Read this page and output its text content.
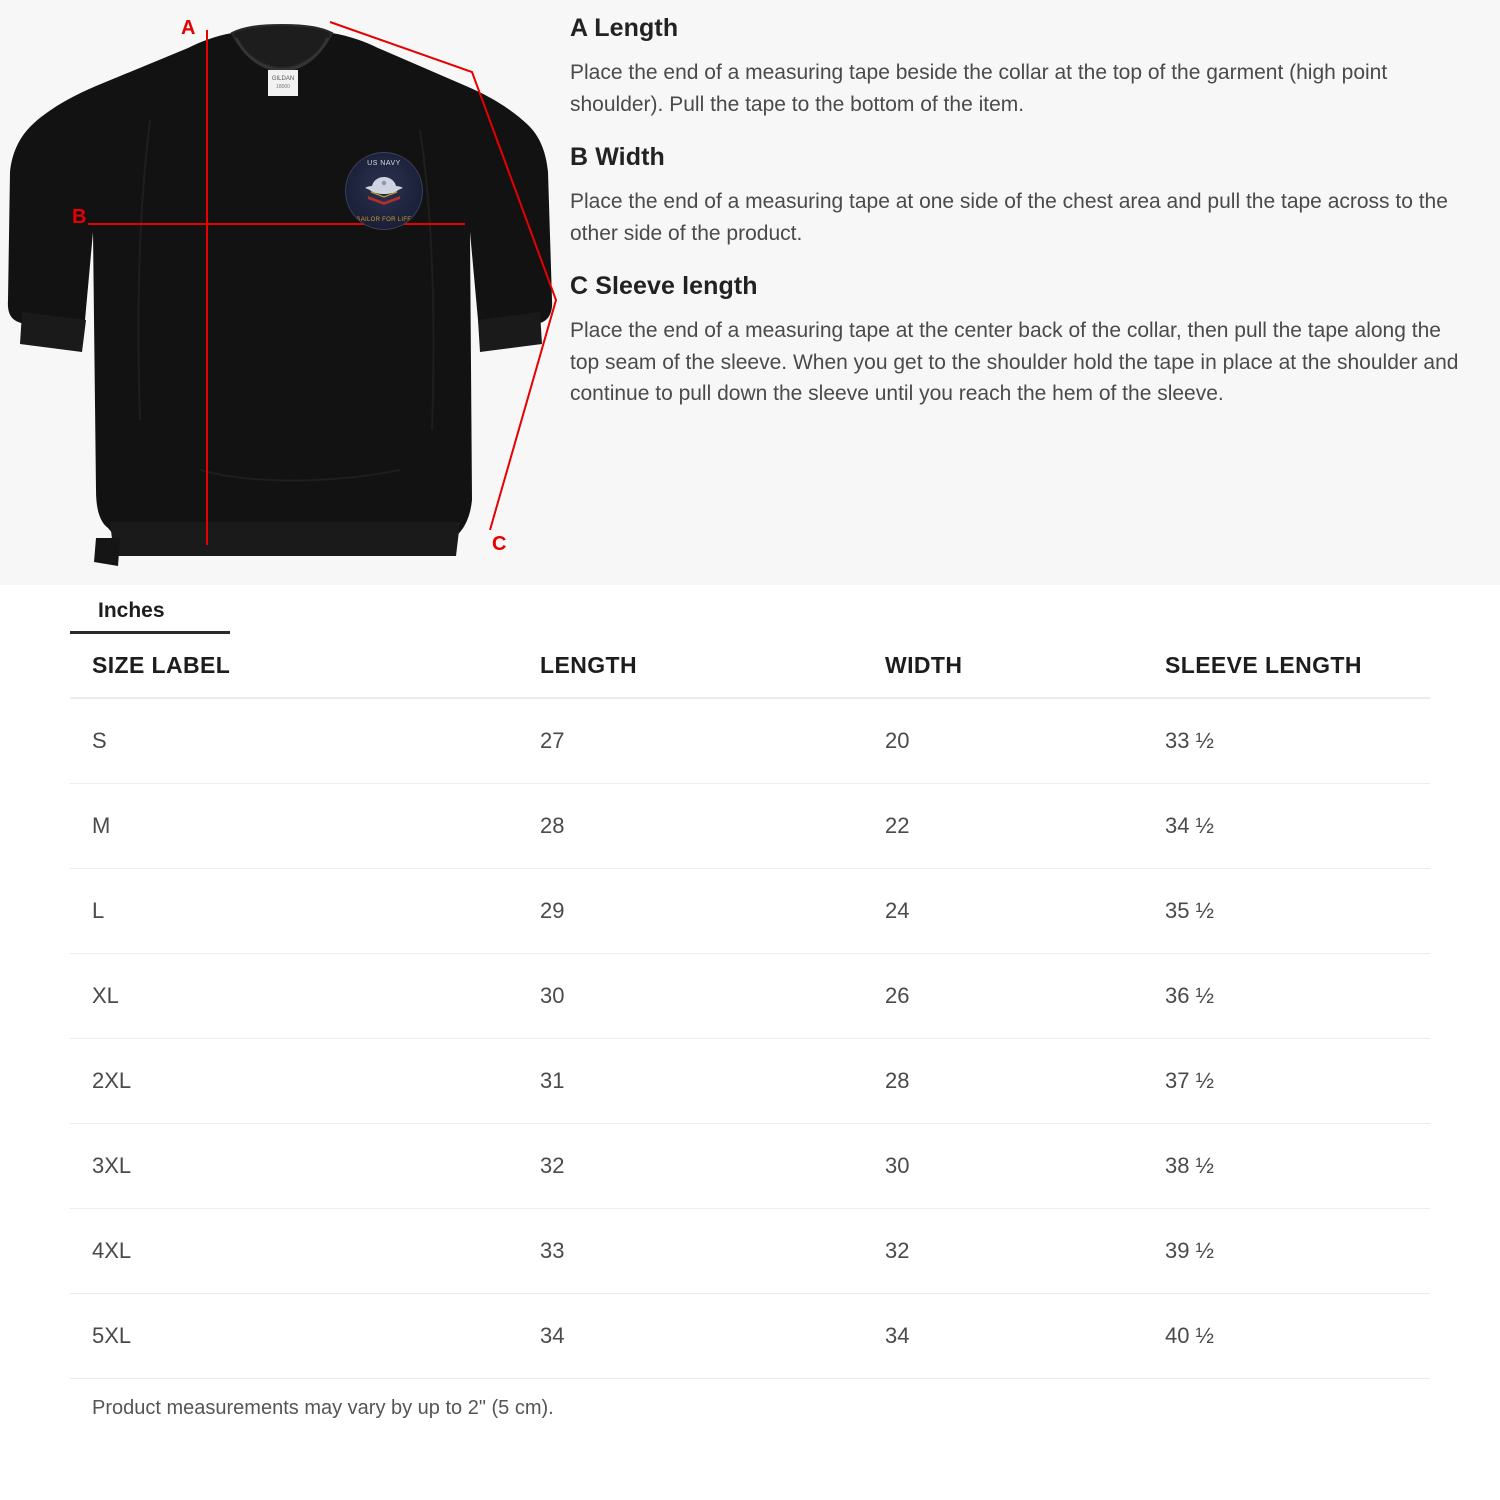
GILDAN
18000
A
B
C
US NAVY
SAILOR FOR LIFE
A Length

Place the end of a measuring tape beside the collar at the top of the garment (high point shoulder). Pull the tape to the bottom of the item.

B Width

Place the end of a measuring tape at one side of the chest area and pull the tape across to the other side of the product.

C Sleeve length

Place the end of a measuring tape at the center back of the collar, then pull the tape along the top seam of the sleeve. When you get to the shoulder hold the tape in place at the shoulder and continue to pull down the sleeve until you reach the hem of the sleeve.

Inches
SIZE LABEL	LENGTH	WIDTH	SLEEVE LENGTH
S	27	20	33 ½
M	28	22	34 ½
L	29	24	35 ½
XL	30	26	36 ½
2XL	31	28	37 ½
3XL	32	30	38 ½
4XL	33	32	39 ½
5XL	34	34	40 ½
Product measurements may vary by up to 2" (5 cm).
